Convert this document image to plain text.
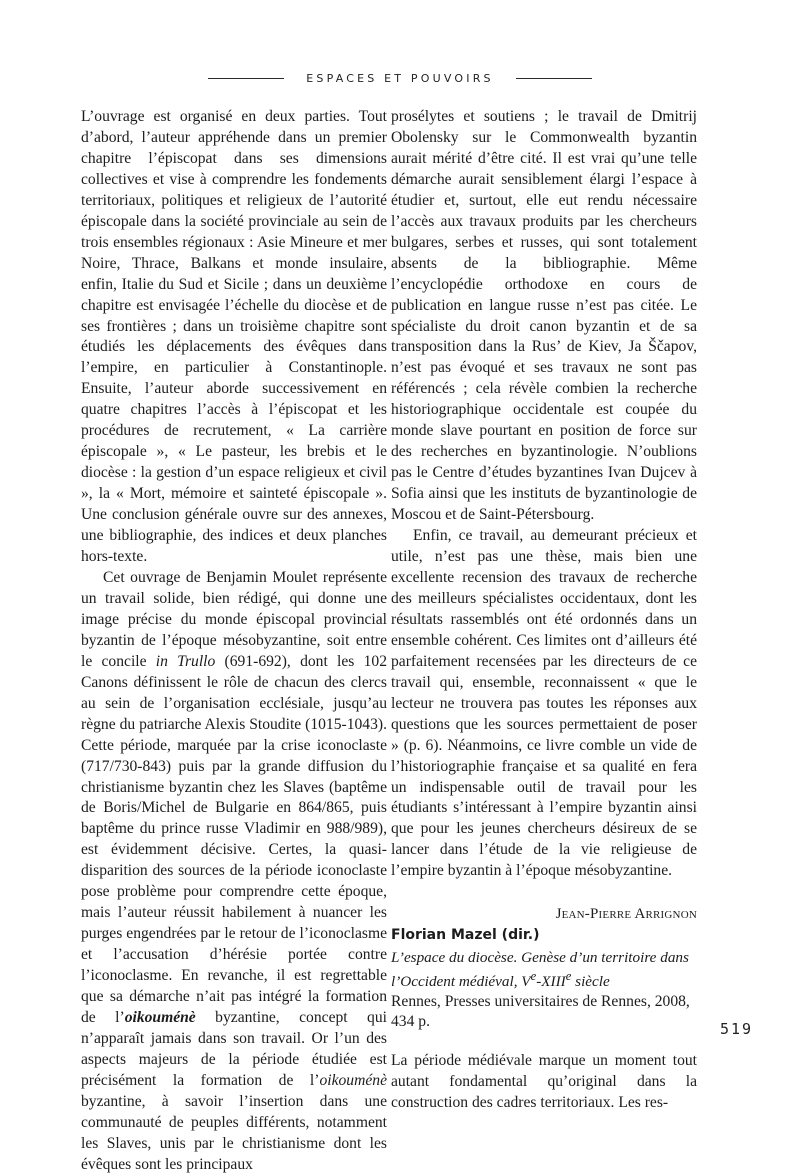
ESPACES ET POUVOIRS

L’ouvrage est organisé en deux parties. Tout d’abord, l’auteur appréhende dans un premier chapitre l’épiscopat dans ses dimensions collectives et vise à comprendre les fondements territoriaux, politiques et religieux de l’autorité épiscopale dans la société provinciale au sein de trois ensembles régionaux : Asie Mineure et mer Noire, Thrace, Balkans et monde insulaire, enfin, Italie du Sud et Sicile ; dans un deuxième chapitre est envisagée l’échelle du diocèse et de ses frontières ; dans un troisième chapitre sont étudiés les déplacements des évêques dans l’empire, en particulier à Constantinople. Ensuite, l’auteur aborde successivement en quatre chapitres l’accès à l’épiscopat et les procédures de recrutement, « La carrière épiscopale », « Le pasteur, les brebis et le diocèse : la gestion d’un espace religieux et civil », la « Mort, mémoire et sainteté épiscopale ». Une conclusion générale ouvre sur des annexes, une bibliographie, des indices et deux planches hors-texte.

Cet ouvrage de Benjamin Moulet représente un travail solide, bien rédigé, qui donne une image précise du monde épiscopal provincial byzantin de l’époque mésobyzantine, soit entre le concile in Trullo (691-692), dont les 102 Canons définissent le rôle de chacun des clercs au sein de l’organisation ecclésiale, jusqu’au règne du patriarche Alexis Stoudite (1015-1043). Cette période, marquée par la crise iconoclaste (717/730-843) puis par la grande diffusion du christianisme byzantin chez les Slaves (baptême de Boris/Michel de Bulgarie en 864/865, puis baptême du prince russe Vladimir en 988/989), est évidemment décisive. Certes, la quasi-disparition des sources de la période iconoclaste pose problème pour comprendre cette époque, mais l’auteur réussit habilement à nuancer les purges engendrées par le retour de l’iconoclasme et l’accusation d’hérésie portée contre l’iconoclasme. En revanche, il est regrettable que sa démarche n’ait pas intégré la formation de l’oikouménè byzantine, concept qui n’apparaît jamais dans son travail. Or l’un des aspects majeurs de la période étudiée est précisément la formation de l’oikouménè byzantine, à savoir l’insertion dans une communauté de peuples différents, notamment les Slaves, unis par le christianisme dont les évêques sont les principaux

prosélytes et soutiens ; le travail de Dmitrij Obolensky sur le Commonwealth byzantin aurait mérité d’être cité. Il est vrai qu’une telle démarche aurait sensiblement élargi l’espace à étudier et, surtout, elle eut rendu nécessaire l’accès aux travaux produits par les chercheurs bulgares, serbes et russes, qui sont totalement absents de la bibliographie. Même l’encyclopédie orthodoxe en cours de publication en langue russe n’est pas citée. Le spécialiste du droit canon byzantin et de sa transposition dans la Rus’ de Kiev, Ja Ščapov, n’est pas évoqué et ses travaux ne sont pas référencés ; cela révèle combien la recherche historiographique occidentale est coupée du monde slave pourtant en position de force sur des recherches en byzantinologie. N’oublions pas le Centre d’études byzantines Ivan Dujcev à Sofia ainsi que les instituts de byzantinologie de Moscou et de Saint-Pétersbourg.

Enfin, ce travail, au demeurant précieux et utile, n’est pas une thèse, mais bien une excellente recension des travaux de recherche des meilleurs spécialistes occidentaux, dont les résultats rassemblés ont été ordonnés dans un ensemble cohérent. Ces limites ont d’ailleurs été parfaitement recensées par les directeurs de ce travail qui, ensemble, reconnaissent « que le lecteur ne trouvera pas toutes les réponses aux questions que les sources permettaient de poser » (p. 6). Néanmoins, ce livre comble un vide de l’historiographie française et sa qualité en fera un indispensable outil de travail pour les étudiants s’intéressant à l’empire byzantin ainsi que pour les jeunes chercheurs désireux de se lancer dans l’étude de la vie religieuse de l’empire byzantin à l’époque mésobyzantine.

Jean-Pierre Arrignon

Florian Mazel (dir.)
L’espace du diocèse. Genèse d’un territoire dans l’Occident médiéval, Ve-XIIIe siècle
Rennes, Presses universitaires de Rennes, 2008, 434 p.

La période médiévale marque un moment tout autant fondamental qu’original dans la construction des cadres territoriaux. Les res-

519
